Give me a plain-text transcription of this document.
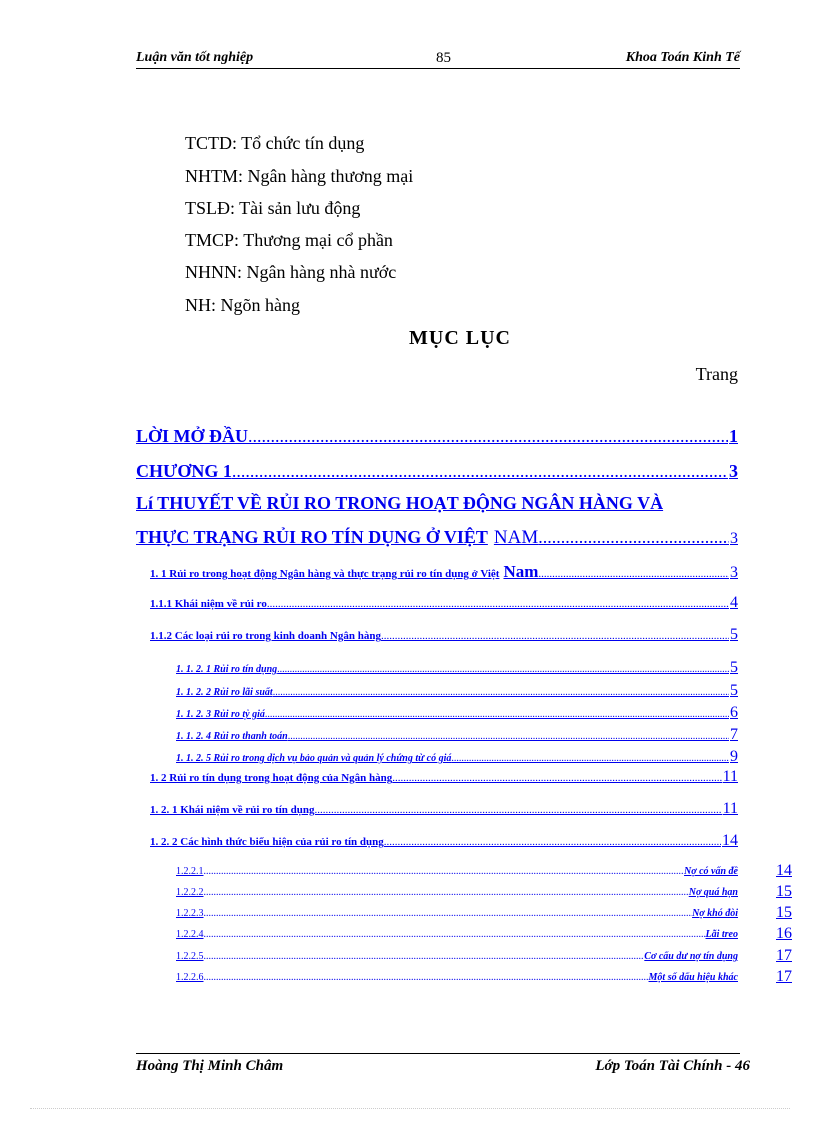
Luận văn tốt nghiệp	85	Khoa Toán Kinh Tế
TCTD: Tổ chức tín dụng
NHTM: Ngân hàng thương mại
TSLĐ: Tài sản lưu động
TMCP: Thương mại cổ phần
NHNN: Ngân hàng nhà nước
NH: Ngõn hàng
MỤC LỤC
Trang
LỜI MỞ ĐẦU .....	1
CHƯƠNG 1 .....	3
Lí THUYẾT VỀ RỦI RO TRONG HOẠT ĐỘNG NGÂN HÀNG VÀ
THỰC TRẠNG RỦI RO TÍN DỤNG Ở VIỆT NAM .....	3
1. 1 Rủi ro trong hoạt động Ngân hàng và thực trạng rủi ro tín dụng ở Việt Nam .....	3
1.1.1 Khái niệm về rủi ro .....	4
1.1.2 Các loại rủi ro trong kinh doanh Ngân hàng .....	5
1. 1. 2. 1 Rủi ro tín dụng .....	5
1. 1. 2. 2 Rủi ro lãi suất .....	5
1. 1. 2. 3 Rủi ro tỷ giá .....	6
1. 1. 2. 4 Rủi ro thanh toán .....	7
1. 1. 2. 5 Rủi ro trong dịch vụ bảo quản và quản lý chứng từ có giá .....	9
1. 2 Rủi ro tín dụng trong hoạt động của Ngân hàng .....	11
1. 2. 1 Khái niệm về rủi ro tín dụng .....	11
1. 2. 2 Các hình thức biểu hiện của rủi ro tín dụng .....	14
1.2.2.1 .....	Nợ có vấn đề 14
1.2.2.2 .....	Nợ quá hạn 15
1.2.2.3 .....	Nợ khó đòi 15
1.2.2.4 .....	Lãi treo 16
1.2.2.5 .....	Cơ cấu dư nợ tín dụng 17
1.2.2.6 .....	Một số dấu hiệu khác 17
Hoàng Thị Minh Châm	Lớp Toán Tài Chính - 46
